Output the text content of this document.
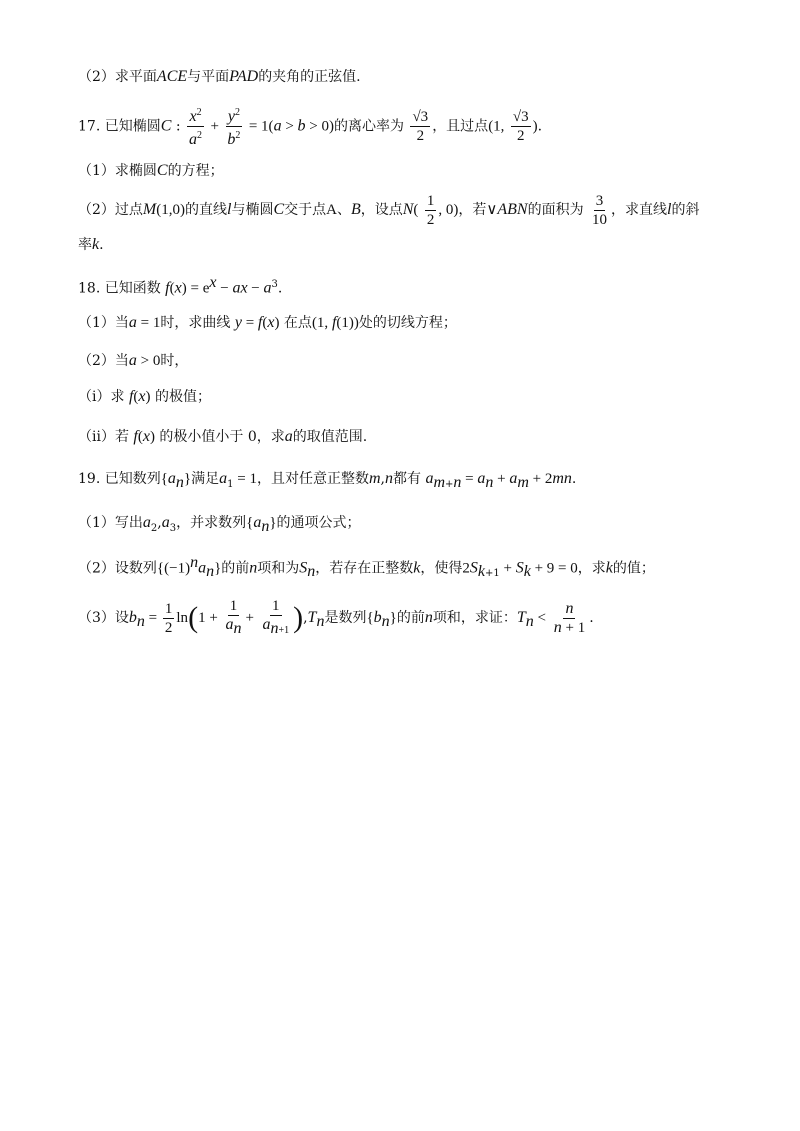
（2）求平面ACE与平面PAD的夹角的正弦值.
17. 已知椭圆C : $\frac{x^2}{a^2} + \frac{y^2}{b^2} = 1(a > b > 0)$的离心率为 $\frac{√3}{2}$ ，且过点(1, $\frac{√3}{2}$ ).
（1）求椭圆C的方程；
（2）过点M(1,0)的直线l与椭圆C交于点A、B，设点$N( \frac{1}{2}$ , 0)，若∨ABN的面积为 $\frac{3}{10}$ ，求直线l的斜
率k.
18. 已知函数 $f(x) = e^x$ − ax − $a^3$.
（1）当a = 1时，求曲线 y = f(x) 在点(1, f(1))处的切线方程；
（2）当a > 0时，
（ⅰ）求 f(x) 的极值；
（ⅱ）若 f(x) 的极小值小于 0，求a的取值范围.
19. 已知数列$\{a_n\}$满足$a_1 = 1$，且对任意正整数m,n都有 $a_{m+n} = a_n + a_m + 2mn$.
（1）写出$a_2,a_3$，并求数列$\{a_n\}$的通项公式；
（2）设数列$\{(-1)^na_n\}$的前n项和为$S_n$，若存在正整数k，使得$2S_{k+1} + S_k + 9 = 0$，求k的值；
（3）设$b_n = \frac{1}{2} \ln(1 + \frac{1}{a_n} + \frac{1}{a_{n+1}} ),T_n$是数列$\{b_n\}$的前n项和，求证：$T_n < \frac{n}{n + 1}$ .
